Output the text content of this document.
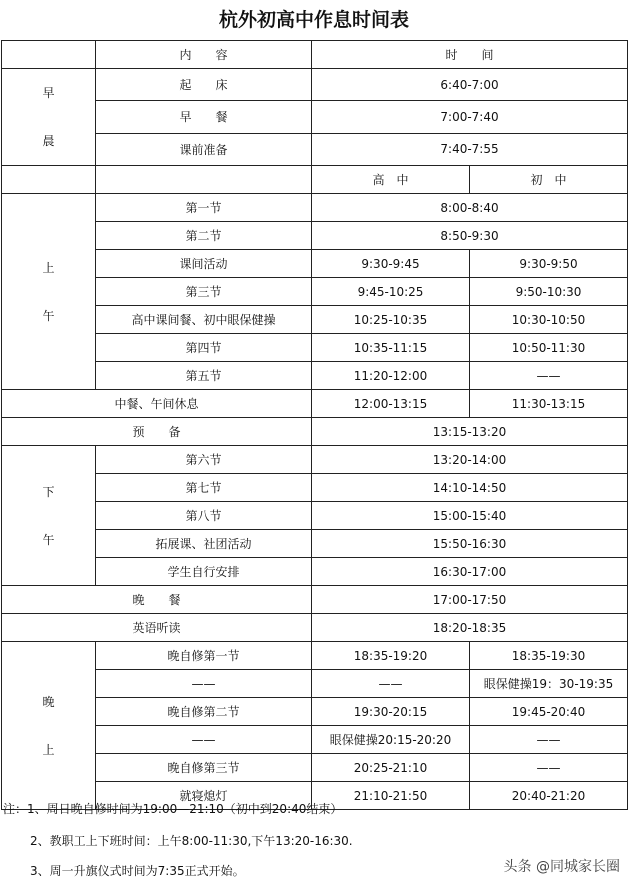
杭外初高中作息时间表
	内　　容	时　　间	

早
晨	起　　床	6:40-7:00	
	早　　餐	7:00-7:40	
	课前准备	7:40-7:55	
		高　中	初　中

上
午	第一节	8:00-8:40	
	第二节	8:50-9:30	
	课间活动	9:30-9:45	9:30-9:50
	第三节	9:45-10:25	9:50-10:30
	高中课间餐、初中眼保健操	10:25-10:35	10:30-10:50
	第四节	10:35-11:15	10:50-11:30
	第五节	11:20-12:00	——
中餐、午间休息		12:00-13:15	11:30-13:15
预　　备		13:15-13:20	

下
午	第六节	13:20-14:00	
	第七节	14:10-14:50	
	第八节	15:00-15:40	
	拓展课、社团活动	15:50-16:30	
	学生自行安排	16:30-17:00	
晚　　餐		17:00-17:50	
英语听读		18:20-18:35	

晚
上	晚自修第一节	18:35-19:20	18:35-19:30
	——	——	眼保健操19：30-19:35
	晚自修第二节	19:30-20:15	19:45-20:40
	——	眼保健操20:15-20:20	——
	晚自修第三节	20:25-21:10	——
	就寝熄灯	21:10-21:50	20:40-21:20
注：1、周日晚自修时间为19:00—21:10（初中到20:40结束）
2、教职工上下班时间：上午8:00-11:30,下午13:20-16:30.
3、周一升旗仪式时间为7:35正式开始。	头条 @同城家长圈
